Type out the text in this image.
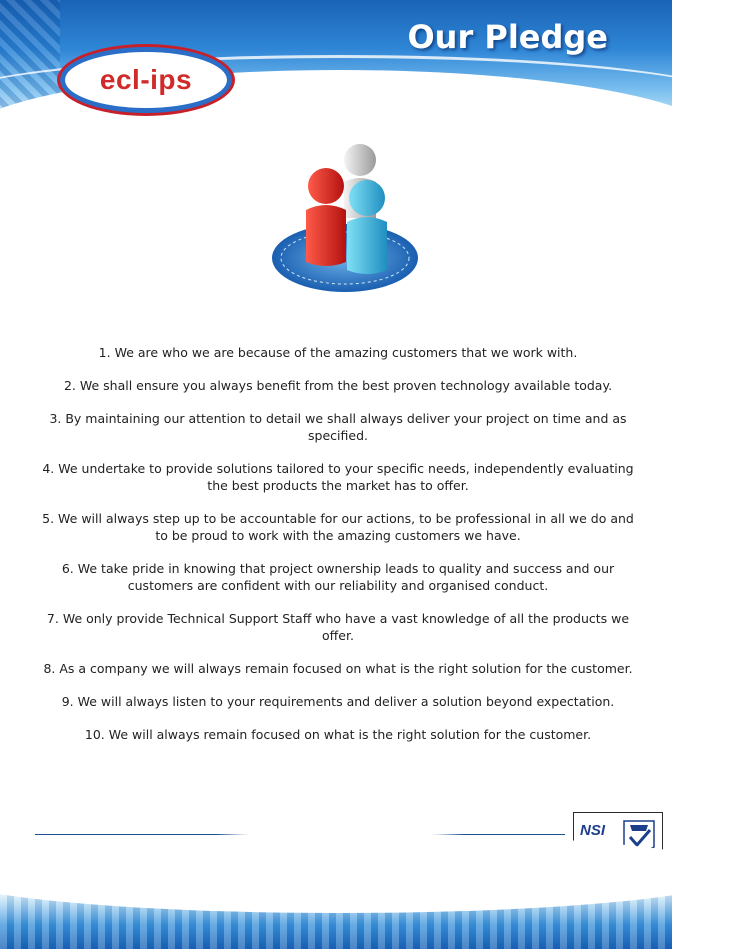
Our Pledge
ecl-ips
1. We are who we are because of the amazing customers that we work with.
2. We shall ensure you always benefit from the best proven technology available today.
3. By maintaining our attention to detail we shall always deliver your project on time and as specified.
4. We undertake to provide solutions tailored to your specific needs, independently evaluating the best products the market has to offer.
5. We will always step up to be accountable for our actions, to be professional in all we do and to be proud to work with the amazing customers we have.
6. We take pride in knowing that project ownership leads to quality and success and our customers are confident with our reliability and organised conduct.
7. We only provide Technical Support Staff who have a vast knowledge of all the products we offer.
8. As a company we will always remain focused on what is the right solution for the customer.
9. We will always listen to your requirements and deliver a solution beyond expectation.
10. We will always remain focused on what is the right solution for the customer.
NSI
